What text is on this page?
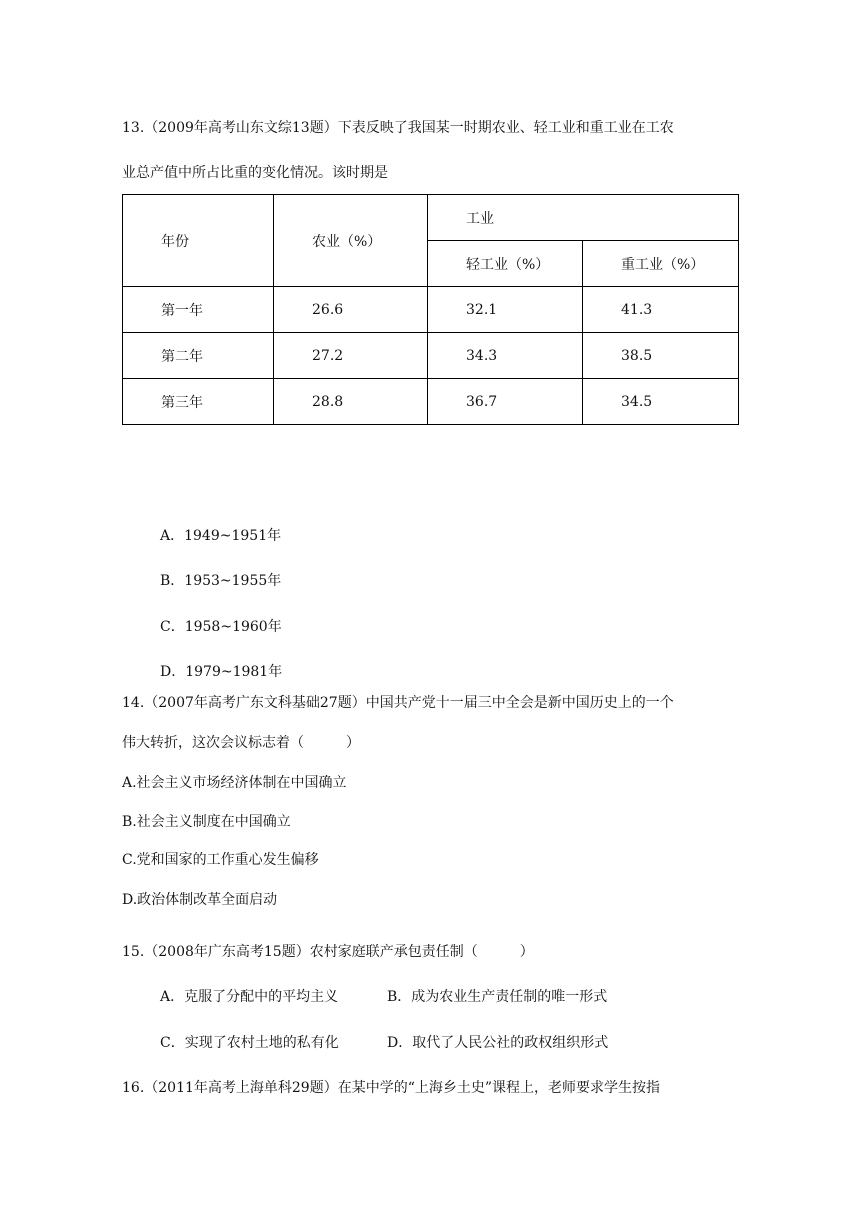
13.（2009年高考山东文综13题）下表反映了我国某一时期农业、轻工业和重工业在工农
业总产值中所占比重的变化情况。该时期是
年份	农业（%）	工业	
		轻工业（%）	重工业（%）
第一年	26.6	32.1	41.3
第二年	27.2	34.3	38.5
第三年	28.8	36.7	34.5
A．1949~1951年
B．1953~1955年
C．1958~1960年
D．1979~1981年
14.（2007年高考广东文科基础27题）中国共产党十一届三中全会是新中国历史上的一个
伟大转折，这次会议标志着（　　　）
A.社会主义市场经济体制在中国确立
B.社会主义制度在中国确立
C.党和国家的工作重心发生偏移
D.政治体制改革全面启动
15.（2008年广东高考15题）农村家庭联产承包责任制（　　　）
A．克服了分配中的平均主义	B．成为农业生产责任制的唯一形式
C．实现了农村土地的私有化	D．取代了人民公社的政权组织形式
16.（2011年高考上海单科29题）在某中学的“上海乡土史”课程上，老师要求学生按指
